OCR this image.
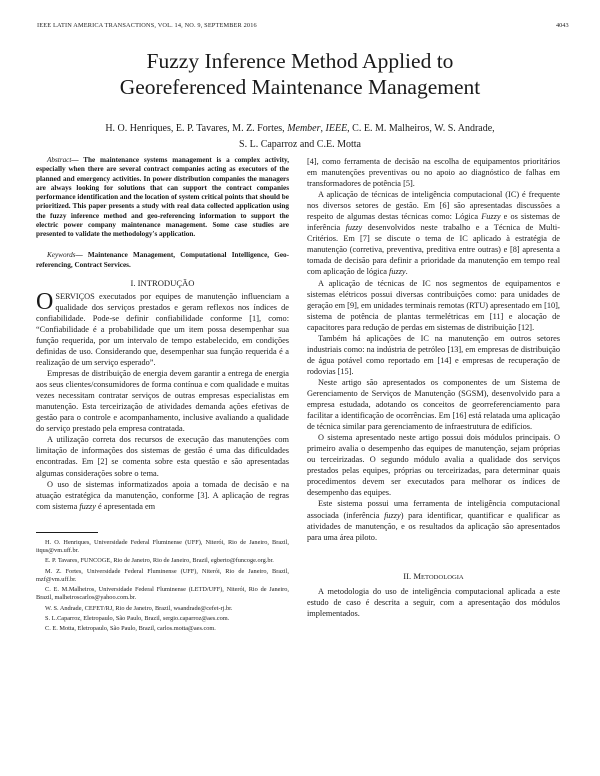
IEEE LATIN AMERICA TRANSACTIONS, VOL. 14, NO. 9, SEPTEMBER 2016	4043
Fuzzy Inference Method Applied to
Georeferenced Maintenance Management
H. O. Henriques, E. P. Tavares, M. Z. Fortes, Member, IEEE, C. E. M. Malheiros, W. S. Andrade,
S. L. Caparroz and C.E. Motta

Abstract— The maintenance systems management is a complex activity, especially when there are several contract companies acting as executors of the planned and emergency activities. In power distribution companies the managers are always looking for solutions that can support the contract companies performance identification and the location of system critical points that should be prioritized. This paper presents a study with real data collected application using the fuzzy inference method and geo-referencing information to support the electric power company maintenance management. Some case studies are presented to validate the methodology's application.

Keywords— Maintenance Management, Computational Intelligence, Geo-referencing, Contract Services.

I. INTRODUÇÃO

O SERVIÇOS executados por equipes de manutenção influenciam a qualidade dos serviços prestados e geram reflexos nos índices de confiabilidade. Pode-se definir confiabilidade conforme [1], como: “Confiabilidade é a probabilidade que um item possa desempenhar sua função requerida, por um intervalo de tempo estabelecido, em condições definidas de uso. Considerando que, desempenhar sua função requerida é a realização de um serviço esperado”.

Empresas de distribuição de energia devem garantir a entrega de energia aos seus clientes/consumidores de forma contínua e com qualidade e muitas vezes necessitam contratar serviços de outras empresas especialistas em manutenção. Esta terceirização de atividades demanda ações efetivas de gestão para o controle e acompanhamento, inclusive avaliando a qualidade do serviço prestado pela empresa contratada.

A utilização correta dos recursos de execução das manutenções com limitação de informações dos sistemas de gestão é uma das dificuldades encontradas. Em [2] se comenta sobre esta questão e são apresentadas algumas considerações sobre o tema.

O uso de sistemas informatizados apoia a tomada de decisão e na atuação estratégica da manutenção, conforme [3]. A aplicação de regras com sistema fuzzy é apresentada em

H. O. Henriques, Universidade Federal Fluminense (UFF), Niterói, Rio de Janeiro, Brazil, itqus@vm.uff.br.

E. P. Tavares, FUNCOGE, Rio de Janeiro, Rio de Janeiro, Brazil, egberto@funcoge.org.br.

M. Z. Fortes, Universidade Federal Fluminense (UFF), Niterói, Rio de Janeiro, Brazil, mzf@vm.uff.br.

C. E. M.Malheiros, Universidade Federal Fluminense (LETD/UFF), Niterói, Rio de Janeiro, Brazil, malheiroscarlos@yahoo.com.br.

W. S. Andrade, CEFET/RJ, Rio de Janeiro, Brazil, wsandrade@cefet-rj.br.

S. L.Caparroz, Eletropaulo, São Paulo, Brazil, sergio.caparroz@aes.com.

C. E. Motta, Eletropaulo, São Paulo, Brazil, carlos.motta@aes.com.

[4], como ferramenta de decisão na escolha de equipamentos prioritários em manutenções preventivas ou no apoio ao diagnóstico de falhas em transformadores de potência [5].

A aplicação de técnicas de inteligência computacional (IC) é frequente nos diversos setores de gestão. Em [6] são apresentadas discussões a respeito de algumas destas técnicas como: Lógica Fuzzy e os sistemas de inferência fuzzy desenvolvidos neste trabalho e a Técnica de Multi-Critérios. Em [7] se discute o tema de IC aplicado à estratégia de manutenção (corretiva, preventiva, preditiva entre outras) e [8] apresenta a tomada de decisão para definir a prioridade da manutenção em tempo real com aplicação de lógica fuzzy.

A aplicação de técnicas de IC nos segmentos de equipamentos e sistemas elétricos possui diversas contribuições como: para unidades de geração em [9], em unidades terminais remotas (RTU) apresentado em [10], sistema de potência de plantas termelétricas em [11] e alocação de capacitores para redução de perdas em sistemas de distribuição [12].

Também há aplicações de IC na manutenção em outros setores industriais como: na indústria de petróleo [13], em empresas de distribuição de água potável como reportado em [14] e empresas de recuperação de rodovias [15].

Neste artigo são apresentados os componentes de um Sistema de Gerenciamento de Serviços de Manutenção (SGSM), desenvolvido para a empresa estudada, adotando os conceitos de georreferenciamento para facilitar a identificação de ocorrências. Em [16] está relatada uma aplicação de técnica similar para gerenciamento de infraestrutura de edifícios.

O sistema apresentado neste artigo possui dois módulos principais. O primeiro avalia o desempenho das equipes de manutenção, sejam próprias ou terceirizadas. O segundo módulo avalia a qualidade dos serviços prestados pelas equipes, próprias ou terceirizadas, para determinar quais procedimentos devem ser executados para melhorar os índices de desempenho das equipes.

Este sistema possui uma ferramenta de inteligência computacional associada (inferência fuzzy) para identificar, quantificar e qualificar as atividades de manutenção, e os resultados da aplicação são apresentados para uma área piloto.

II. METODOLOGIA

A metodologia do uso de inteligência computacional aplicada a este estudo de caso é descrita a seguir, com a apresentação dos módulos implementados.
